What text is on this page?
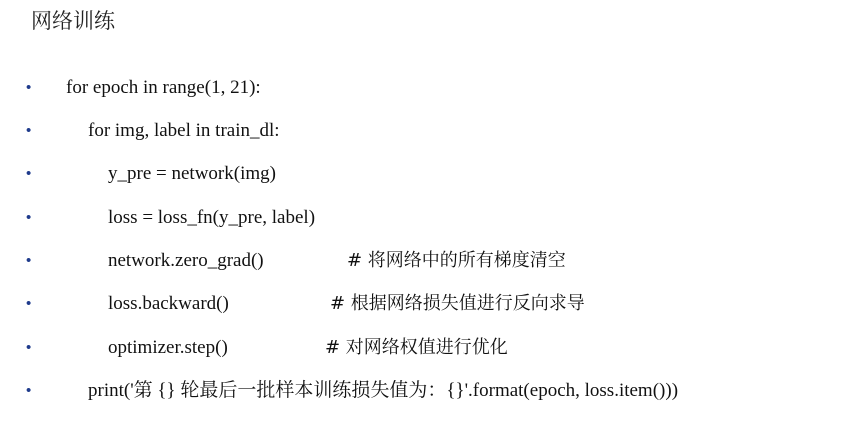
网络训练
• for epoch in range(1, 21):
•	for img, label in train_dl:
•	y_pre = network(img)
•	loss = loss_fn(y_pre, label)
•	network.zero_grad()	# 将网络中的所有梯度清空
•	loss.backward()	# 根据网络损失值进行反向求导
•	optimizer.step()	# 对网络权值进行优化
•	print('第 {} 轮最后一批样本训练损失值为：{}'.format(epoch, loss.item()))
